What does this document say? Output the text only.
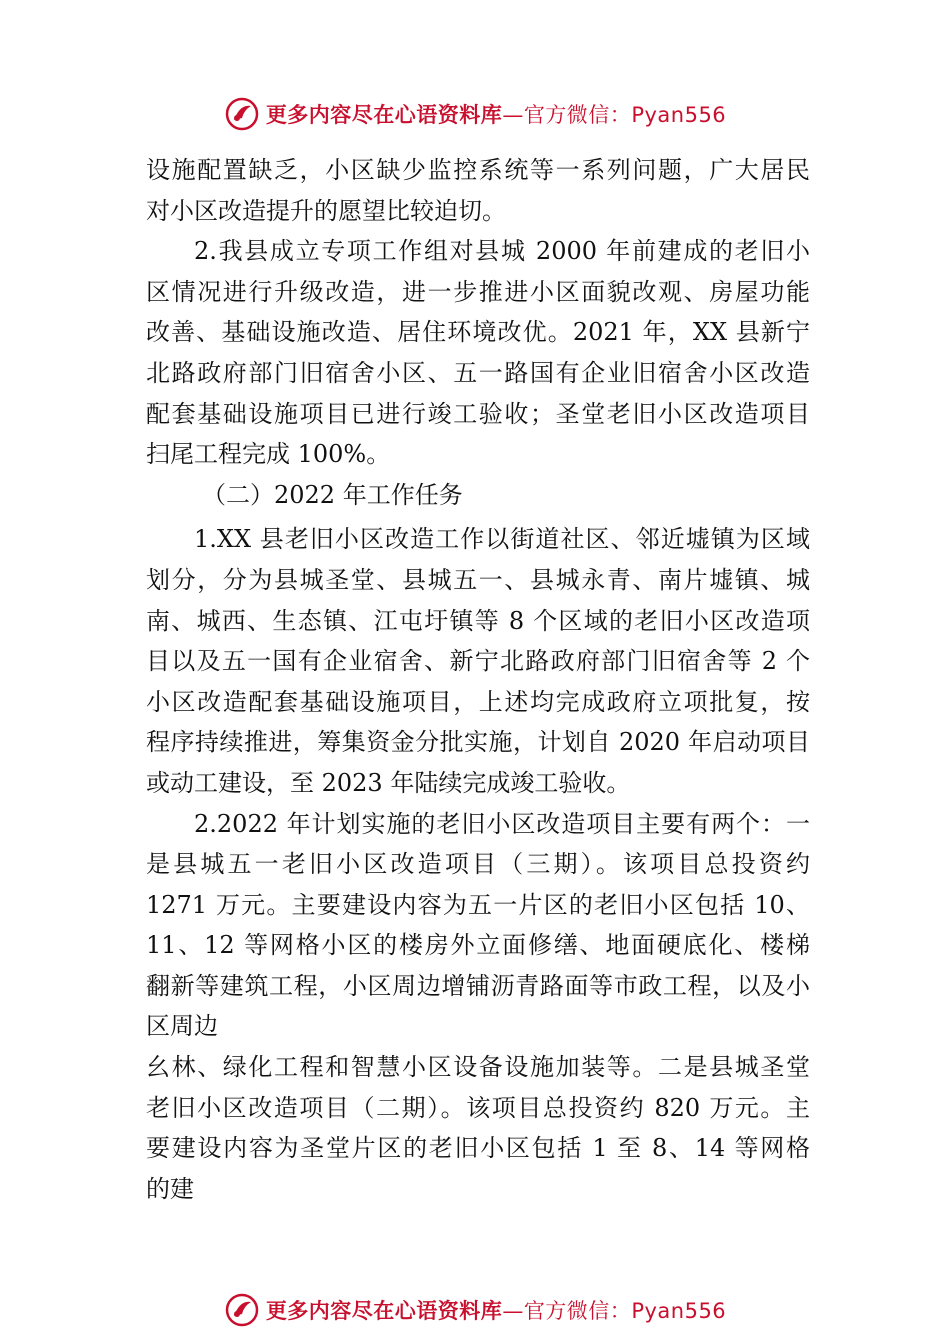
更多内容尽在心语资料库—官方微信：Pyan556
设施配置缺乏，小区缺少监控系统等一系列问题，广大居民
对小区改造提升的愿望比较迫切。
2.我县成立专项工作组对县城 2000 年前建成的老旧小
区情况进行升级改造，进一步推进小区面貌改观、房屋功能
改善、基础设施改造、居住环境改优。2021 年，XX 县新宁
北路政府部门旧宿舍小区、五一路国有企业旧宿舍小区改造
配套基础设施项目已进行竣工验收；圣堂老旧小区改造项目
扫尾工程完成 100%。
（二）2022 年工作任务
1.XX 县老旧小区改造工作以街道社区、邻近墟镇为区域
划分，分为县城圣堂、县城五一、县城永青、南片墟镇、城
南、城西、生态镇、江屯圩镇等 8 个区域的老旧小区改造项
目以及五一国有企业宿舍、新宁北路政府部门旧宿舍等 2 个
小区改造配套基础设施项目，上述均完成政府立项批复，按
程序持续推进，筹集资金分批实施，计划自 2020 年启动项目
或动工建设，至 2023 年陆续完成竣工验收。
2.2022 年计划实施的老旧小区改造项目主要有两个：一
是县城五一老旧小区改造项目（三期）。该项目总投资约
1271 万元。主要建设内容为五一片区的老旧小区包括 10、
11、12 等网格小区的楼房外立面修缮、地面硬底化、楼梯
翻新等建筑工程，小区周边增铺沥青路面等市政工程，以及小
区周边
幺林、绿化工程和智慧小区设备设施加装等。二是县城圣堂
老旧小区改造项目（二期）。该项目总投资约 820 万元。主
要建设内容为圣堂片区的老旧小区包括 1 至 8、14 等网格
的建
更多内容尽在心语资料库—官方微信：Pyan556
